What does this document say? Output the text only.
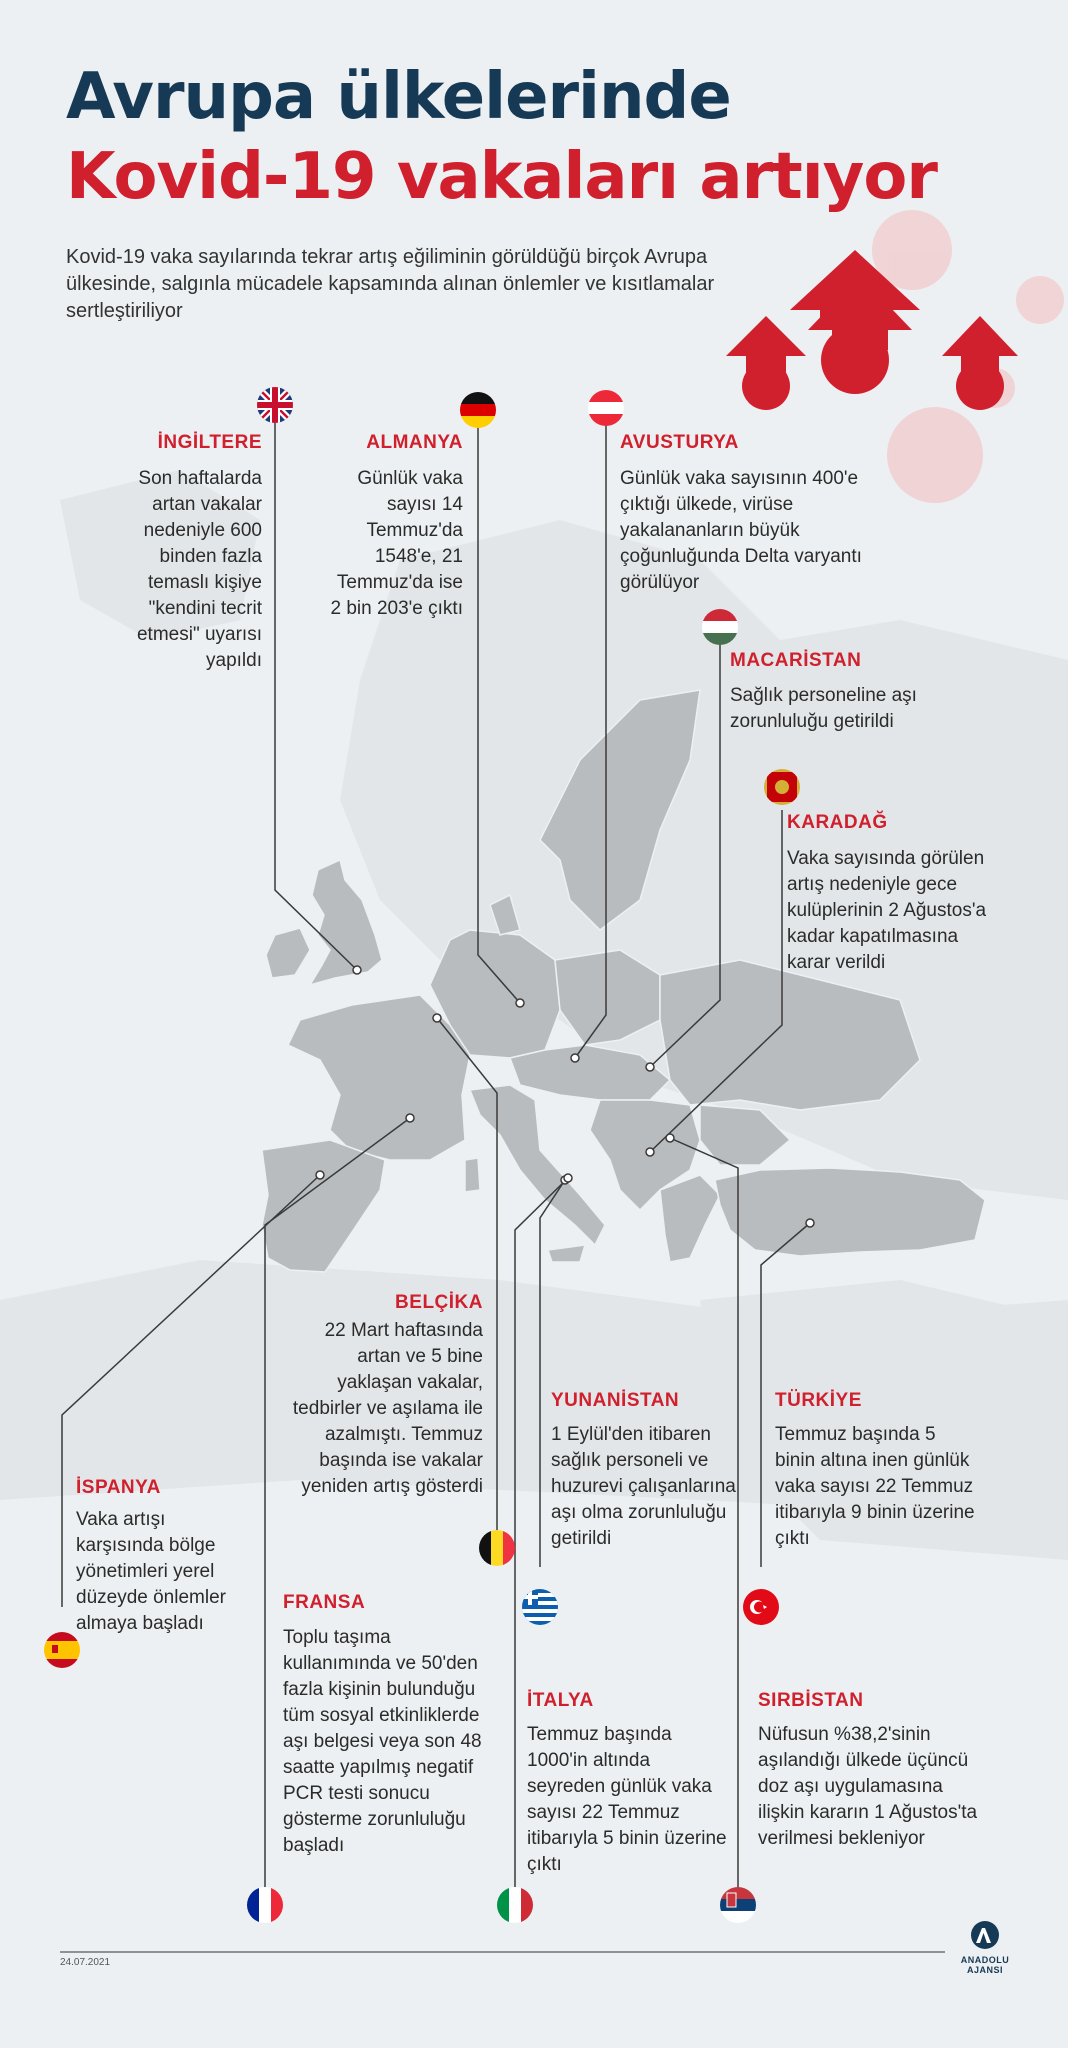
Avrupa ülkelerinde
Kovid-19 vakaları artıyor
Kovid-19 vaka sayılarında tekrar artış eğiliminin görüldüğü birçok Avrupa ülkesinde, salgınla mücadele kapsamında alınan önlemler ve kısıtlamalar sertleştiriliyor
İNGİLTERE
Son haftalarda artan vakalar nedeniyle 600 binden fazla temaslı kişiye "kendini tecrit etmesi" uyarısı yapıldı
ALMANYA
Günlük vaka sayısı 14 Temmuz'da 1548'e, 21 Temmuz'da ise 2 bin 203'e çıktı
AVUSTURYA
Günlük vaka sayısının 400'e çıktığı ülkede, virüse yakalananların büyük çoğunluğunda Delta varyantı görülüyor
MACARİSTAN
Sağlık personeline aşı zorunluluğu getirildi
KARADAĞ
Vaka sayısında görülen artış nedeniyle gece kulüplerinin 2 Ağustos'a kadar kapatılmasına karar verildi
BELÇİKA
22 Mart haftasında artan ve 5 bine yaklaşan vakalar, tedbirler ve aşılama ile azalmıştı. Temmuz başında ise vakalar yeniden artış gösterdi
YUNANİSTAN
1 Eylül'den itibaren sağlık personeli ve huzurevi çalışanlarına aşı olma zorunluluğu getirildi
TÜRKİYE
Temmuz başında 5 binin altına inen günlük vaka sayısı 22 Temmuz itibarıyla 9 binin üzerine çıktı
İSPANYA
Vaka artışı karşısında bölge yönetimleri yerel düzeyde önlemler almaya başladı
FRANSA
Toplu taşıma kullanımında ve 50'den fazla kişinin bulunduğu tüm sosyal etkinliklerde aşı belgesi veya son 48 saatte yapılmış negatif PCR testi sonucu gösterme zorunluluğu başladı
İTALYA
Temmuz başında 1000'in altında seyreden günlük vaka sayısı 22 Temmuz itibarıyla 5 binin üzerine çıktı
SIRBİSTAN
Nüfusun %38,2'sinin aşılandığı ülkede üçüncü doz aşı uygulamasına ilişkin kararın 1 Ağustos'ta verilmesi bekleniyor
24.07.2021	ANADOLU AJANSI
